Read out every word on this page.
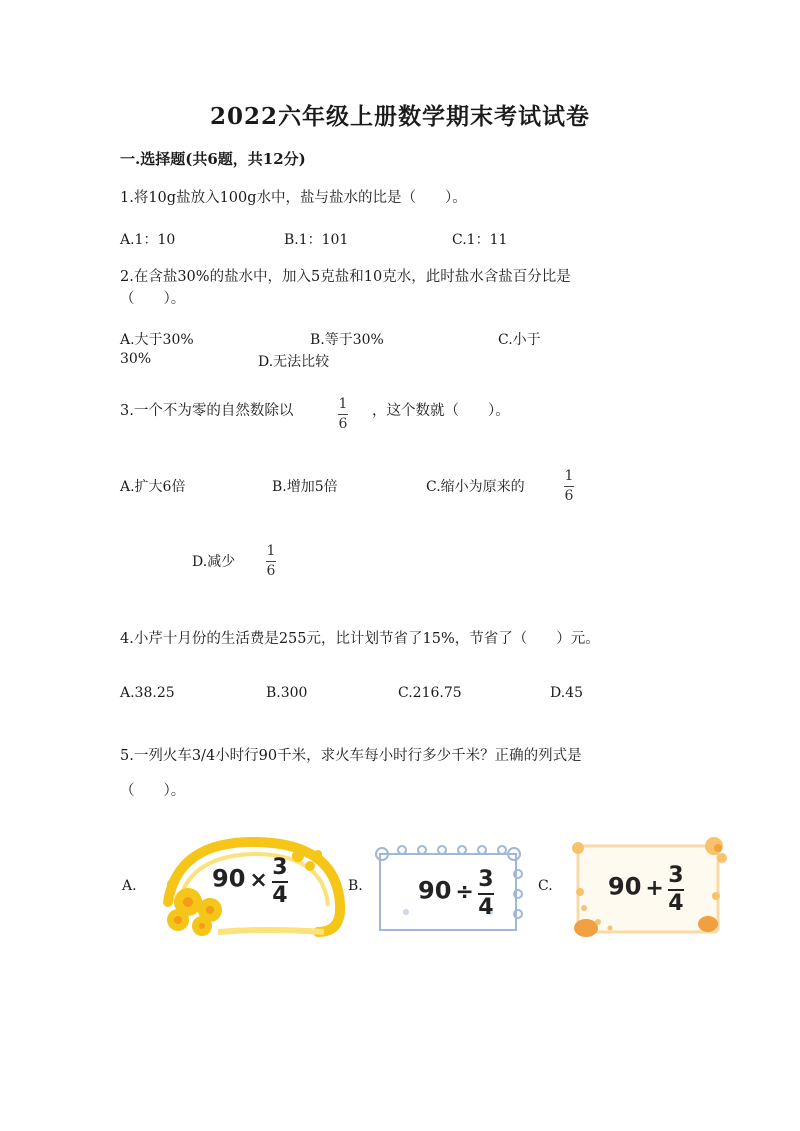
2022六年级上册数学期末考试试卷
一.选择题(共6题，共12分)
1.将10g盐放入100g水中，盐与盐水的比是（　　）。
A.1：10	B.1：101	C.1：11
2.在含盐30%的盐水中，加入5克盐和10克水，此时盐水含盐百分比是
（　　）。
A.大于30%	B.等于30%	C.小于
30%	D.无法比较
3.一个不为零的自然数除以	1
6
，这个数就（　　）。
A.扩大6倍	B.增加5倍	C.缩小为原来的
1
6
D.减少
1
6
4.小芹十月份的生活费是255元，比计划节省了15%，节省了（　　）元。
A.38.25	B.300	C.216.75	D.45
5.一列火车3/4小时行90千米，求火车每小时行多少千米？正确的列式是
（　　）。
A.	B.	C.
$90 \times \frac{3}{4}$	$90 \div \frac{3}{4}$	$90 + \frac{3}{4}$
